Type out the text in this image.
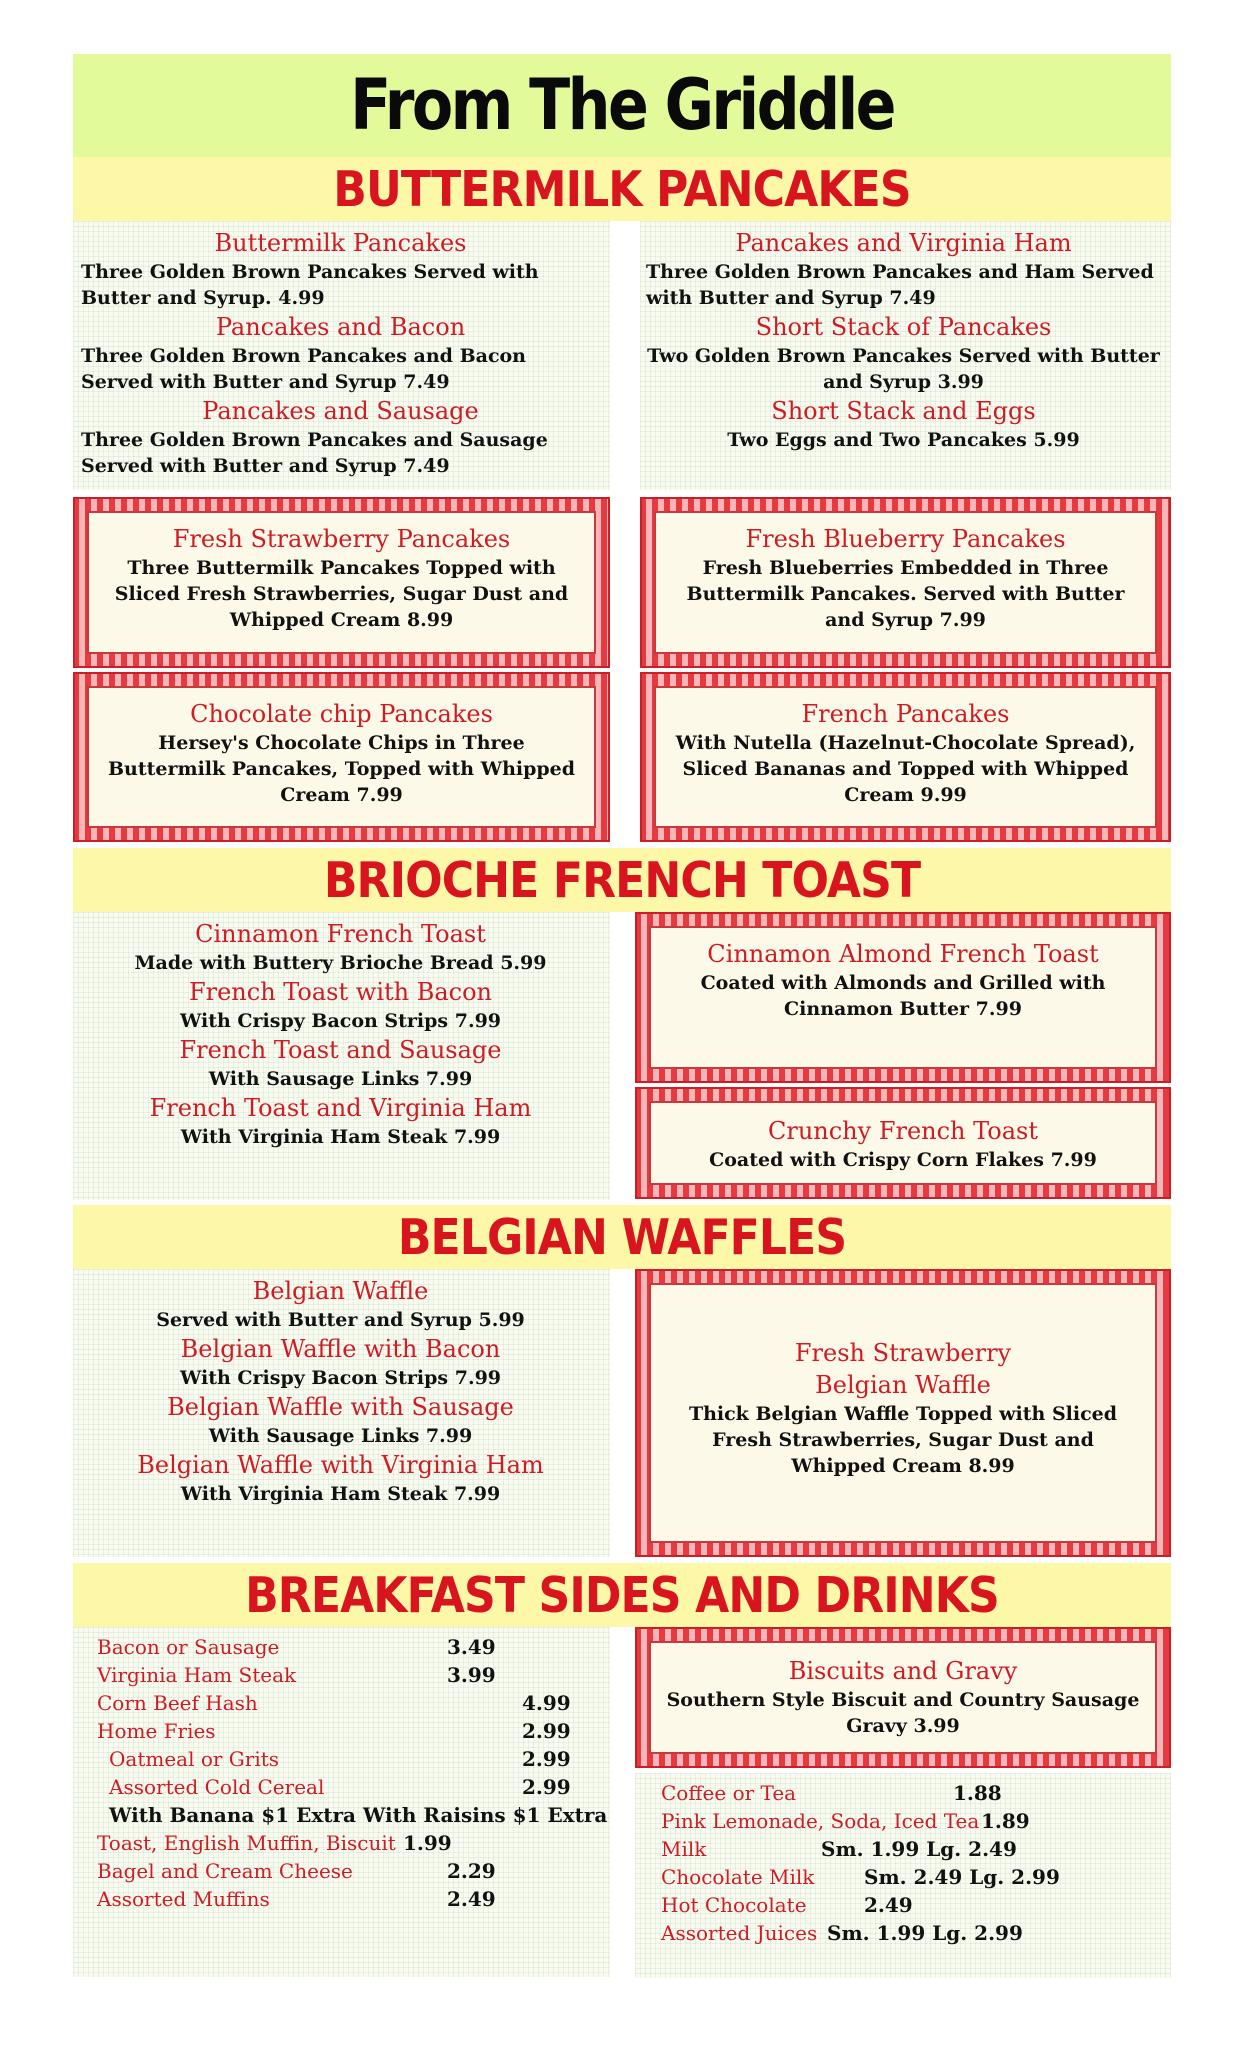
From The Griddle
BUTTERMILK PANCAKES
Buttermilk Pancakes
Three Golden Brown Pancakes Served with Butter and Syrup. 4.99
Pancakes and Bacon
Three Golden Brown Pancakes and Bacon Served with Butter and Syrup 7.49
Pancakes and Sausage
Three Golden Brown Pancakes and Sausage Served with Butter and Syrup 7.49
Pancakes and Virginia Ham
Three Golden Brown Pancakes and Ham Served with Butter and Syrup 7.49
Short Stack of Pancakes
Two Golden Brown Pancakes Served with Butter and Syrup 3.99
Short Stack and Eggs
Two Eggs and Two Pancakes 5.99
Fresh Strawberry Pancakes
Three Buttermilk Pancakes Topped with Sliced Fresh Strawberries, Sugar Dust and Whipped Cream 8.99
Fresh Blueberry Pancakes
Fresh Blueberries Embedded in Three Buttermilk Pancakes. Served with Butter and Syrup 7.99
Chocolate chip Pancakes
Hersey's Chocolate Chips in Three Buttermilk Pancakes, Topped with Whipped Cream 7.99
French Pancakes
With Nutella (Hazelnut-Chocolate Spread), Sliced Bananas and Topped with Whipped Cream 9.99
BRIOCHE FRENCH TOAST
Cinnamon French Toast
Made with Buttery Brioche Bread 5.99
French Toast with Bacon
With Crispy Bacon Strips 7.99
French Toast and Sausage
With Sausage Links 7.99
French Toast and Virginia Ham
With Virginia Ham Steak 7.99
Cinnamon Almond French Toast
Coated with Almonds and Grilled with Cinnamon Butter 7.99
Crunchy French Toast
Coated with Crispy Corn Flakes 7.99
BELGIAN WAFFLES
Belgian Waffle
Served with Butter and Syrup 5.99
Belgian Waffle with Bacon
With Crispy Bacon Strips 7.99
Belgian Waffle with Sausage
With Sausage Links 7.99
Belgian Waffle with Virginia Ham
With Virginia Ham Steak 7.99
Fresh Strawberry
Belgian Waffle
Thick Belgian Waffle Topped with Sliced Fresh Strawberries, Sugar Dust and Whipped Cream 8.99
BREAKFAST SIDES AND DRINKS
Bacon or Sausage	3.49
Virginia Ham Steak	3.99
Corn Beef Hash	4.99
Home Fries	2.99
Oatmeal or Grits	2.99
Assorted Cold Cereal	2.99
With Banana $1 Extra With Raisins $1 Extra
Toast, English Muffin, Biscuit 1.99
Bagel and Cream Cheese	2.29
Assorted Muffins	2.49
Biscuits and Gravy
Southern Style Biscuit and Country Sausage Gravy 3.99
Coffee or Tea	1.88
Pink Lemonade, Soda, Iced Tea 1.89
Milk	Sm. 1.99 Lg. 2.49
Chocolate Milk Sm. 2.49 Lg. 2.99
Hot Chocolate	2.49
Assorted Juices Sm. 1.99 Lg. 2.99
